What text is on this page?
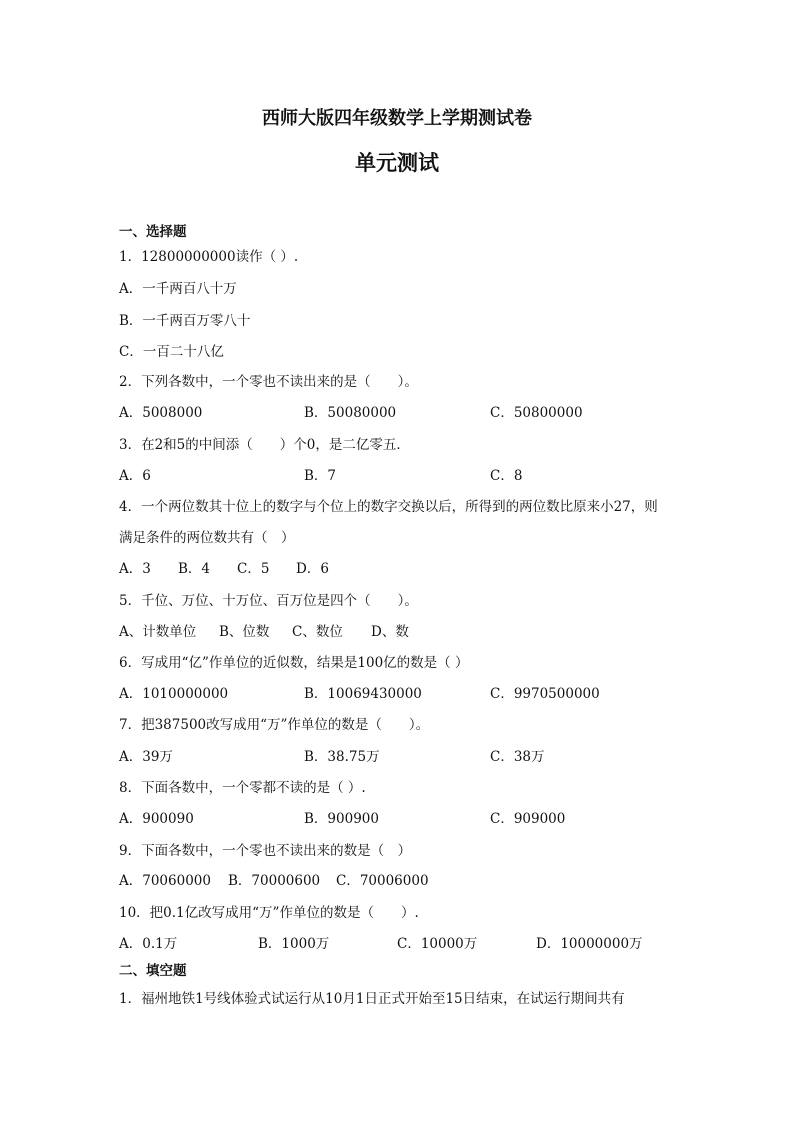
西师大版四年级数学上学期测试卷
单元测试
一、选择题
1．12800000000读作（ ）.
A．一千两百八十万
B．一千两百万零八十
C．一百二十八亿
2．下列各数中，一个零也不读出来的是（　　）。
A．5008000	B．50080000	C．50800000
3．在2和5的中间添（　　）个0，是二亿零五．
A．6	B．7	C．8
4．一个两位数其十位上的数字与个位上的数字交换以后，所得到的两位数比原来小27，则
满足条件的两位数共有（　）
A．3 B．4 C．5 D．6
5．千位、万位、十万位、百万位是四个（　　）。
A、计数单位 B、位数 C、数位 D、数
6．写成用“亿”作单位的近似数，结果是100亿的数是（ ）
A．1010000000	B．10069430000	C．9970500000
7．把387500改写成用“万”作单位的数是（　　）。
A．39万	B．38.75万	C．38万
8．下面各数中，一个零都不读的是（ ）.
A．900090	B．900900	C．909000
9．下面各数中，一个零也不读出来的数是（　）
A．70060000 B．70000600 C．70006000
10．把0.1亿改写成用“万”作单位的数是（　　）.
A．0.1万	B．1000万	C．10000万	D．10000000万
二、填空题
1．福州地铁1号线体验式试运行从10月1日正式开始至15日结束，在试运行期间共有
